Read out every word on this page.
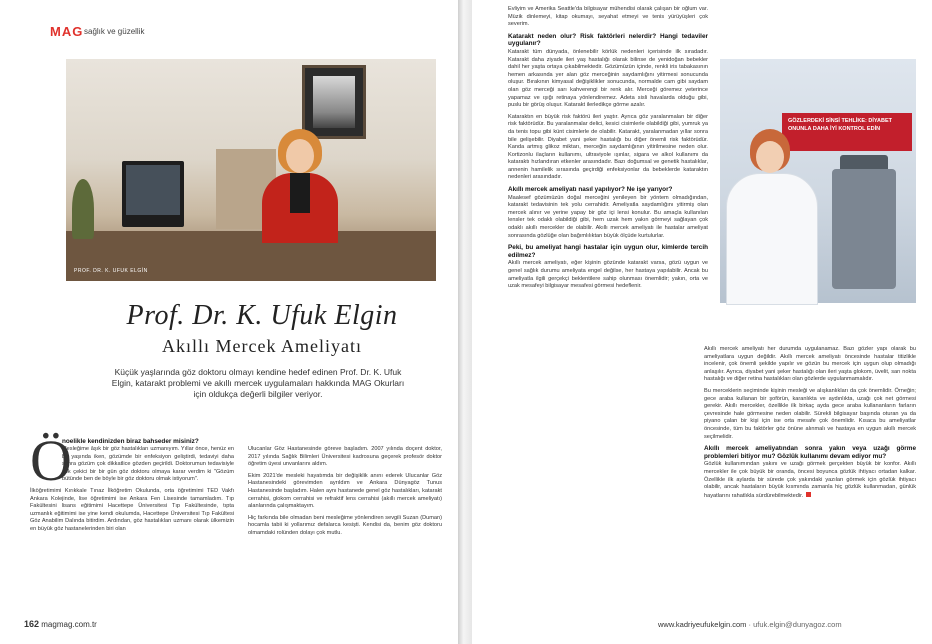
MAG sağlık ve güzellik
PROF. DR. K. UFUK ELGİN
Prof. Dr. K. Ufuk Elgin
Akıllı Mercek Ameliyatı
Küçük yaşlarında göz doktoru olmayı kendine hedef edinen Prof. Dr. K. Ufuk Elgin, katarakt problemi ve akıllı mercek uygulamaları hakkında MAG Okurları için oldukça değerli bilgiler veriyor.
Ö
noelikle kendinizden biraz bahseder misiniz?

Mesleğime âşık bir göz hastalıkları uzmanıyım. Yıllar önce, henüz en bir yaşında iken, gözümde bir enfeksiyon geliştirdi, tedaviyi daha sonra gözüm çok dikkatlice gözden geçirildi. Doktorumun tedavisiyle çok çekici bir bir gün göz doktoru olmaya karar verdim ki "Gözüm bütünde ben de böyle bir göz doktoru olmak istiyorum".

İlköğretimimi Kırıkkale Tınaz İlköğretim Okulunda, orta öğretimimi TED Vakfı Ankara Kolejinde, lise öğretimimi ise Ankara Fen Lisesinde tamamladım. Tıp Fakültesini lisans eğitimimi Hacettepe Üniversitesi Tıp Fakültesinde, tıpta uzmanlık eğitimimi ise yine kendi okulumda, Hacettepe Üniversitesi Tıp Fakültesi Göz Anabilim Dalında bitirdim. Ardından, göz hastalıkları uzmanı olarak ülkemizin en büyük göz hastanelerinden biri olan

Ulucanlar Göz Hastanesinde göreve başladım. 2007 yılında doçent doktor, 2017 yılında Sağlık Bilimleri Üniversitesi kadrosuna geçerek profesör doktor öğretim üyesi unvanlarını aldım.

Ekim 2021'de mesleki hayatımda bir değişiklik anını ederek Ulucanlar Göz Hastanesindeki görevimden ayrıldım ve Ankara Dünyagöz Tunus Hastanesinde başladım. Halen aynı hastanede genel göz hastalıkları, katarakt cerrahisi, glokom cerrahisi ve refraktif lens cerrahisi (akıllı mercek ameliyatı) alanlarında çalışmaktayım.

Hiç farkında bile olmadan beni mesleğime yönlendiren sevgili Suzan (Duman) hocamla tabii ki yollarımız defalarca kesişti. Kendisi da, benim göz doktoru olmamdaki rolünden dolayı çok mutlu.

162 magmag.com.tr

Evliyim ve Amerika Seattle'da bilgisayar mühendisi olarak çalışan bir oğlum var. Müzik dinlemeyi, kitap okumayı, seyahat etmeyi ve tenis yürüyüşleri çok severim.

Katarakt neden olur? Risk faktörleri nelerdir? Hangi tedaviler uygulanır?

Katarakt tüm dünyada, önlenebilir körlük nedenleri içerisinde ilk sıradadır. Katarakt daha ziyade ileri yaş hastalığı olarak bilinse de yenidoğan bebekler dahil her yaşta ortaya çıkabilmektedir. Gözümüzün içinde, renkli iris tabakasının hemen arkasında yer alan göz merceğinin saydamlığını yitirmesi sonucunda oluşur. Bırakının kimyasal değişiklikler sonucunda, normalde cam gibi saydam olan göz merceği sarı kahverengi bir renk alır. Merceği göremez yeterince yapamaz ve ışığı retinaya yönlendiremez. Adeta sisli havalarda olduğu gibi, puslu bir görüş oluşur. Katarakt ilerledikçe görme azalır.

Kataraktın en büyük risk faktörü ileri yaştır. Ayrıca göz yaralanmaları bir diğer risk faktörüdür. Bu yaralanmalar delici, kesici cisimlerle olabildiği gibi, yumruk ya da tenis topu gibi künt cisimlerle de olabilir. Katarakt, yaralanmadan yıllar sonra bile gelişebilir. Diyabet yani şeker hastalığı bu diğer önemli risk faktörüdür. Kanda artmış glikoz miktarı, merceğin saydamlığının yitirilmesine neden olur. Kortizonlu ilaçların kullanımı, ultraviyole ışınlar, sigara ve alkol kullanımı da kataraktı hızlandıran etkenler arasındadır. Bazı doğumsal ve genetik hastalıklar, annenin hamilelik sırasında geçirdiği enfeksiyonlar da bebeklerde kataraktın nedenleri arasındadır.

Akıllı mercek ameliyatı nasıl yapılıyor? Ne işe yarıyor?

Maalesef gözümüzün doğal merceğini yenileyen bir yöntem olmadığından, katarakt tedavisinin tek yolu cerrahidir. Ameliyatla saydamlığını yitirmiş olan mercek alınır ve yerine yapay bir göz içi lensi konulur. Bu amaçla kullanılan lensler tek odaklı olabildiği gibi, hem uzak hem yakın görmeyi sağlayan çok odaklı akıllı mercekler de olabilir. Akıllı mercek ameliyatı ile hastalar ameliyat sonrasında gözlüğe olan bağımlılıktan büyük ölçüde kurtulurlar.

Peki, bu ameliyat hangi hastalar için uygun olur, kimlerde tercih edilmez?

Akıllı mercek ameliyatı, eğer kişinin gözünde katarakt varsa, gözü uygun ve genel sağlık durumu ameliyata engel değilse, her hastaya yapılabilir. Ancak bu ameliyatla ilgili gerçekçi beklentilere sahip olunması önemlidir; yakın, orta ve uzak mesafeyi bilgisayar mesafesi görmesi hedeflenir.

GÖZLERDEKİ SİNSİ TEHLİKE: DİYABET ONUNLA DAHA İYİ KONTROL EDİN

Akıllı mercek ameliyatı her durumda uygulanamaz. Bazı gözler yapı olarak bu ameliyatlara uygun değildir. Akıllı mercek ameliyatı öncesinde hastalar titizlikle incelenir, çok önemli şekilde yapılır ve gözün bu mercek için uygun olup olmadığı anlaşılır. Ayrıca, diyabet yani şeker hastalığı olan ileri yaşta glokom, üvelit, sarı nokta hastalığı ve diğer retina hastalıkları olan gözlerde uygulanmamalıdır.

Bu merceklerin seçiminde kişinin mesleği ve alışkanlıkları da çok önemlidir. Örneğin; gece araba kullanan bir şoförün, karanlıkta ve aydınlıkta, uzağı çok net görmesi gerekir. Akıllı mercekler, özellikle ilk birkaç ayda gece araba kullananların farların çevresinde hale görmesine neden olabilir. Sürekli bilgisayar başında oturan ya da piyano çalan bir kişi için ise orta mesafe çok önemlidir. Kısaca bu ameliyatlar öncesinde, tüm bu faktörler göz önüne alınmalı ve hastaya en uygun akıllı mercek seçilmelidir.

Akıllı mercek ameliyatından sonra yakın veya uzağı görme problemleri bitiyor mu? Gözlük kullanımı devam ediyor mu?

Gözlük kullanımından yakını ve uzağı görmek gerçekten büyük bir konfor. Akıllı mercekler ile çok büyük bir oranda, öncesi boyunca gözlük ihtiyacı ortadan kalkar. Özellikle ilk aylarda bir sürede çok yakındaki yazıları görmek için gözlük ihtiyacı olabilir, ancak hastaların büyük kısmında zamanla hiç gözlük kullanmadan, günlük hayatlarını rahatlıkla sürdürebilmektedir.

www.kadriyeufukelgin.com · ufuk.elgin@dunyagoz.com
